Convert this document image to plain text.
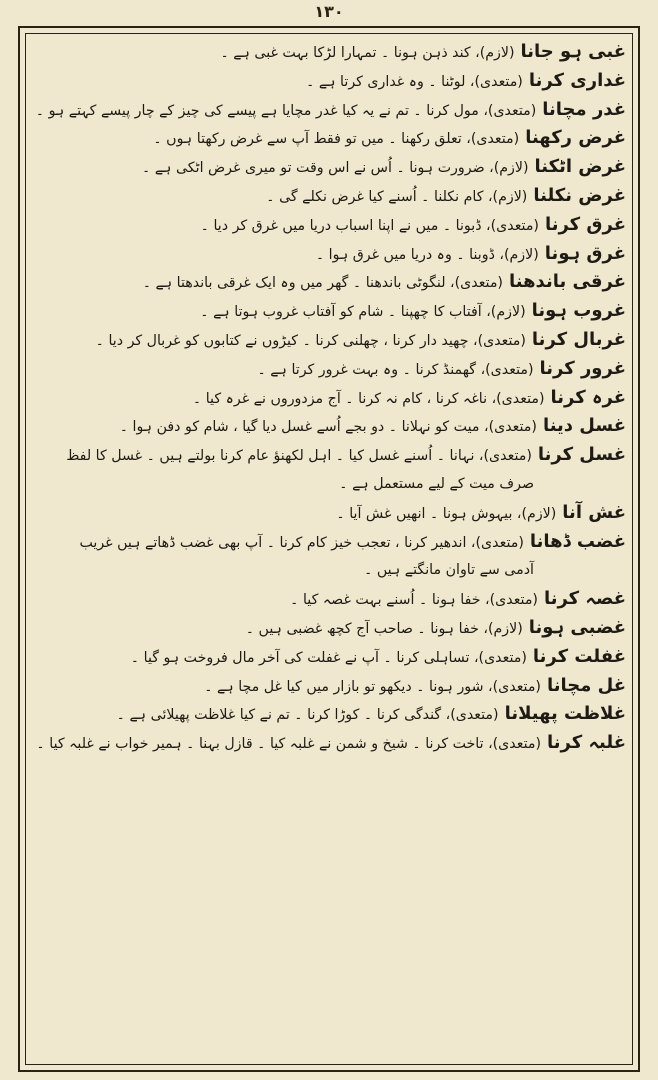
۱۳۰
غبی ہو جانا(لازم)، کند ذہن ہونا ۔ تمہارا لڑکا بہت غبی ہے ۔
غداری کرنا(متعدی)، لوٹنا ۔ وہ غداری کرتا ہے ۔
غدر مچانا(متعدی)، مول کرنا ۔ تم نے یہ کیا غدر مچایا ہے پیسے کی چیز کے چار پیسے کہتے ہو ۔
غرض رکھنا(متعدی)، تعلق رکھنا ۔ میں تو فقط آپ سے غرض رکھتا ہوں ۔
غرض اٹکنا(لازم)، ضرورت ہونا ۔ اُس نے اس وقت تو میری غرض اٹکی ہے ۔
غرض نکلنا(لازم)، کام نکلنا ۔ اُسنے کیا غرض نکلے گی ۔
غرق کرنا(متعدی)، ڈبونا ۔ میں نے اپنا اسباب دریا میں غرق کر دیا ۔
غرق ہونا(لازم)، ڈوبنا ۔ وہ دریا میں غرق ہوا ۔
غرقی باندھنا(متعدی)، لنگوٹی باندھنا ۔ گھر میں وہ ایک غرقی باندھتا ہے ۔
غروب ہونا(لازم)، آفتاب کا چھپنا ۔ شام کو آفتاب غروب ہوتا ہے ۔
غربال کرنا(متعدی)، چھید دار کرنا ، چھلنی کرنا ۔ کیڑوں نے کتابوں کو غربال کر دیا ۔
غرور کرنا(متعدی)، گھمنڈ کرنا ۔ وہ بہت غرور کرتا ہے ۔
غرہ کرنا(متعدی)، ناغہ کرنا ، کام نہ کرنا ۔ آج مزدوروں نے غرہ کیا ۔
غسل دینا(متعدی)، میت کو نہلانا ۔ دو بجے اُسے غسل دیا گیا ، شام کو دفن ہوا ۔
غسل کرنا(متعدی)، نہانا ۔ اُسنے غسل کیا ۔ اہل لکھنؤ عام کرنا بولتے ہیں ۔ غسل کا لفظ
صرف میت کے لیے مستعمل ہے ۔
غش آنا(لازم)، بیہوش ہونا ۔ انھیں غش آیا ۔
غضب ڈھانا(متعدی)، اندھیر کرنا ، تعجب خیز کام کرنا ۔ آپ بھی غضب ڈھاتے ہیں غریب
آدمی سے تاوان مانگتے ہیں ۔
غصہ کرنا(متعدی)، خفا ہونا ۔ اُسنے بہت غصہ کیا ۔
غضبی ہونا(لازم)، خفا ہونا ۔ صاحب آج کچھ غضبی ہیں ۔
غفلت کرنا(متعدی)، تساہلی کرنا ۔ آپ نے غفلت کی آخر مال فروخت ہو گیا ۔
غل مچانا(متعدی)، شور ہونا ۔ دیکھو تو بازار میں کیا غل مچا ہے ۔
غلاظت پھیلانا(متعدی)، گندگی کرنا ۔ کوڑا کرنا ۔ تم نے کیا غلاظت پھیلائی ہے ۔
غلبہ کرنا(متعدی)، تاخت کرنا ۔ شیخ و شمن نے غلبہ کیا ۔ قازل بہنا ۔ ہمیر خواب نے غلبہ کیا ۔
